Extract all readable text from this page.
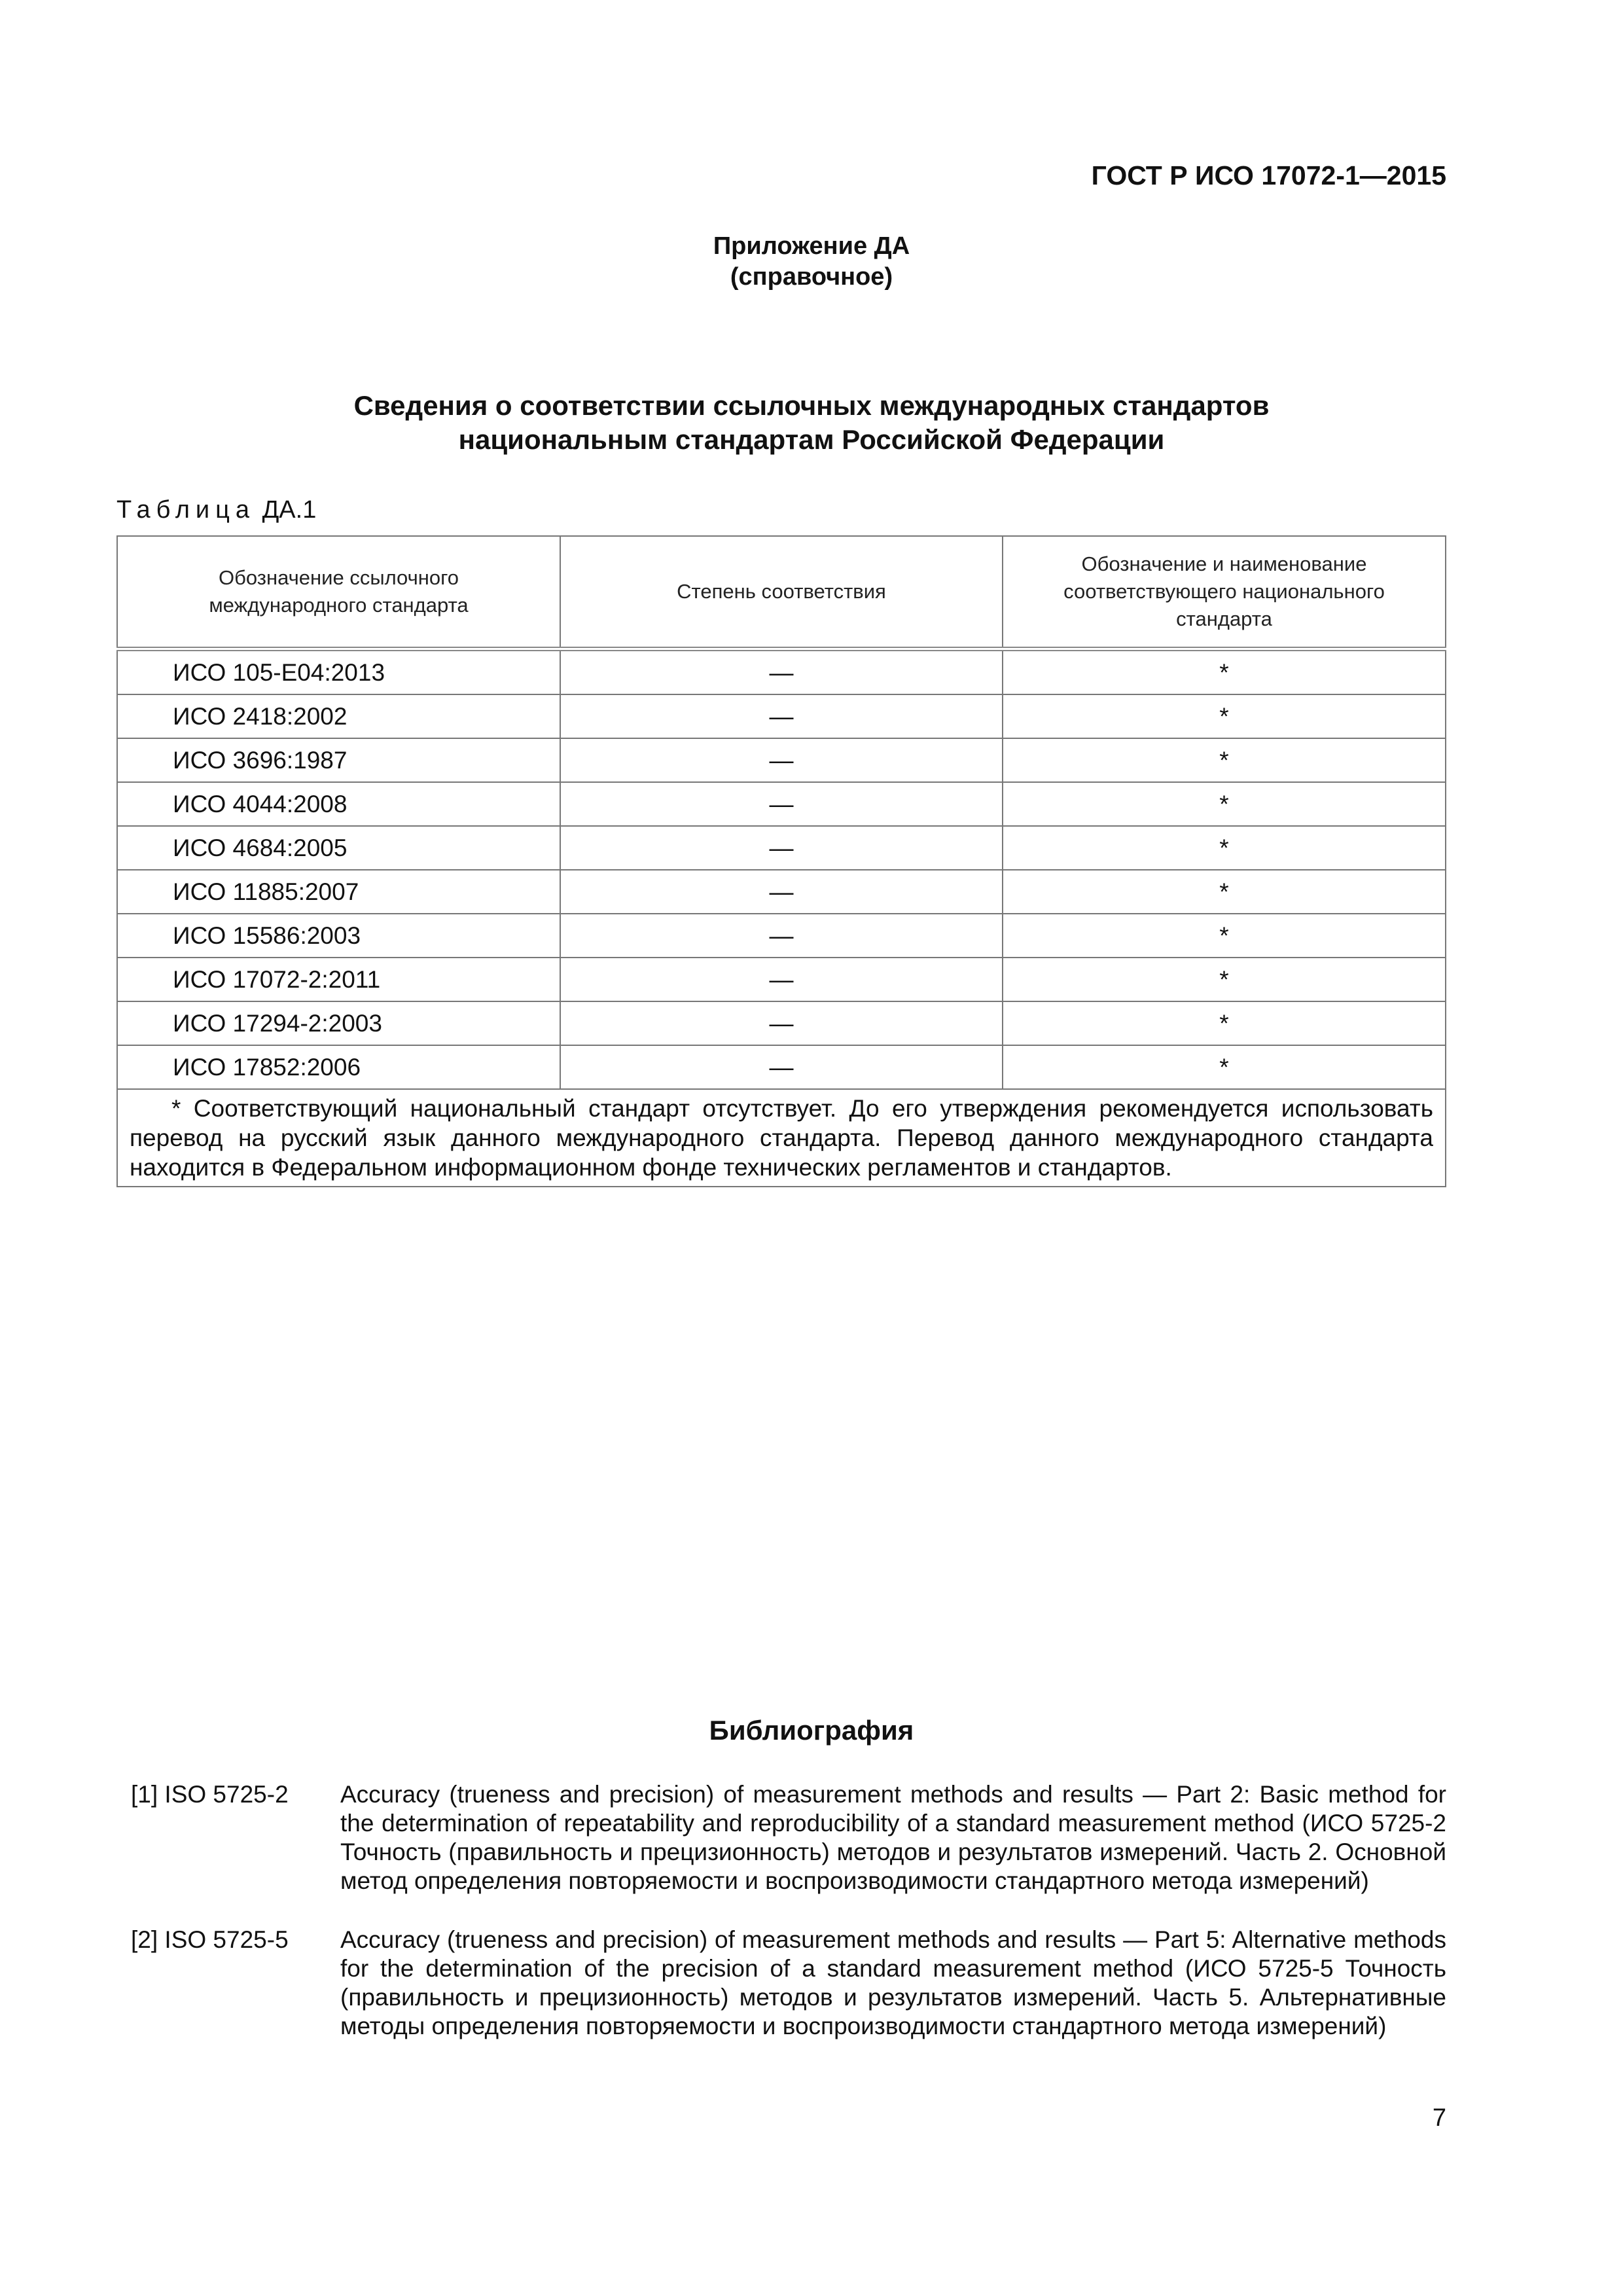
ГОСТ Р ИСО 17072-1—2015
Приложение ДА
(справочное)
Сведения о соответствии ссылочных международных стандартов
национальным стандартам Российской Федерации
Таблица ДА.1
Обозначение ссылочного международного стандарта	Степень соответствия	Обозначение и наименование соответствующего национального стандарта
ИСО 105-Е04:2013	—	*
ИСО 2418:2002	—	*
ИСО 3696:1987	—	*
ИСО 4044:2008	—	*
ИСО 4684:2005	—	*
ИСО 11885:2007	—	*
ИСО 15586:2003	—	*
ИСО 17072-2:2011	—	*
ИСО 17294-2:2003	—	*
ИСО 17852:2006	—	*
* Соответствующий национальный стандарт отсутствует. До его утверждения рекомендуется использовать перевод на русский язык данного международного стандарта. Перевод данного международного стандарта находится в Федеральном информационном фонде технических регламентов и стандартов.		
Библиография
[1] ISO 5725-2	Accuracy (trueness and precision) of measurement methods and results — Part 2: Basic method for the determination of repeatability and reproducibility of a standard measurement method (ИСО 5725-2 Точность (правильность и прецизионность) методов и результатов измерений. Часть 2. Основной метод определения повторяемости и воспроизводимости стандартного метода измерений)
[2] ISO 5725-5	Accuracy (trueness and precision) of measurement methods and results — Part 5: Alternative methods for the determination of the precision of a standard measurement method (ИСО 5725-5 Точность (правильность и прецизионность) методов и результатов измерений. Часть 5. Альтернативные методы определения повторяемости и воспроизводимости стандартного метода измерений)
7
